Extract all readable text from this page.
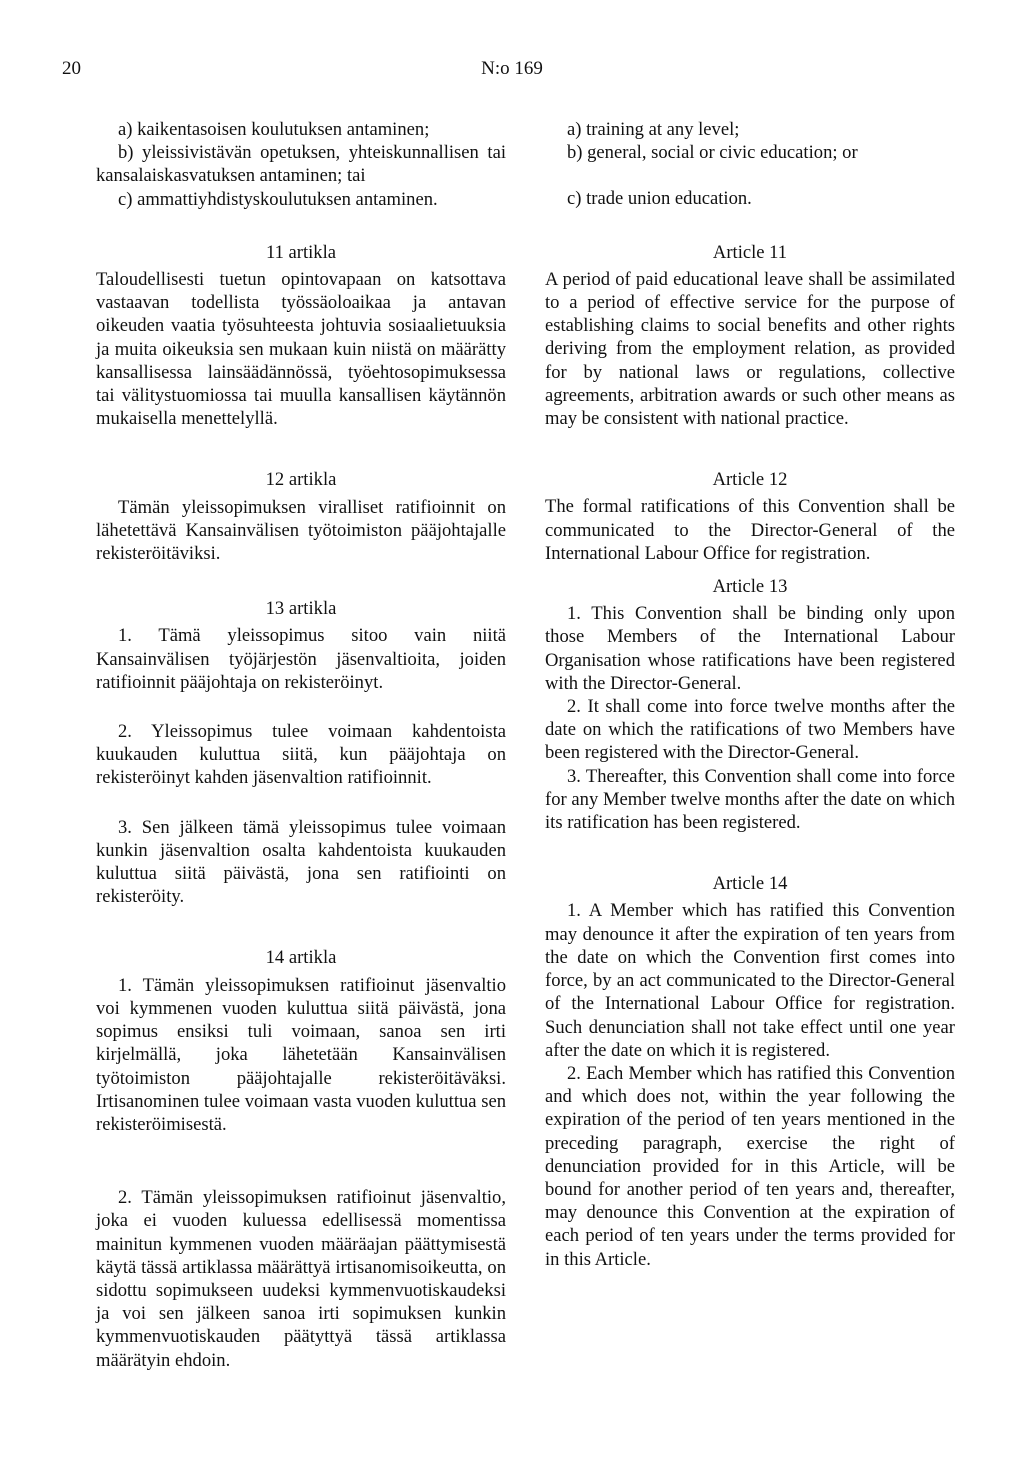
20	N:o 169

a) kaikentasoisen koulutuksen antaminen;

b) yleissivistävän opetuksen, yhteiskunnallisen tai kansalaiskasvatuksen antaminen; tai

c) ammattiyhdistyskoulutuksen antaminen.

11 artikla

Taloudellisesti tuetun opintovapaan on katsottava vastaavan todellista työssäoloaikaa ja antavan oikeuden vaatia työsuhteesta johtuvia sosiaalietuuksia ja muita oikeuksia sen mukaan kuin niistä on määrätty kansallisessa lainsäädännössä, työehtosopimuksessa tai välitystuomiossa tai muulla kansallisen käytännön mukaisella menettelyllä.

12 artikla

Tämän yleissopimuksen viralliset ratifioinnit on lähetettävä Kansainvälisen työtoimiston pääjohtajalle rekisteröitäviksi.

13 artikla

1. Tämä yleissopimus sitoo vain niitä Kansainvälisen työjärjestön jäsenvaltioita, joiden ratifioinnit pääjohtaja on rekisteröinyt.

2. Yleissopimus tulee voimaan kahdentoista kuukauden kuluttua siitä, kun pääjohtaja on rekisteröinyt kahden jäsenvaltion ratifioinnit.

3. Sen jälkeen tämä yleissopimus tulee voimaan kunkin jäsenvaltion osalta kahdentoista kuukauden kuluttua siitä päivästä, jona sen ratifiointi on rekisteröity.

14 artikla

1. Tämän yleissopimuksen ratifioinut jäsenvaltio voi kymmenen vuoden kuluttua siitä päivästä, jona sopimus ensiksi tuli voimaan, sanoa sen irti kirjelmällä, joka lähetetään Kansainvälisen työtoimiston pääjohtajalle rekisteröitäväksi. Irtisanominen tulee voimaan vasta vuoden kuluttua sen rekisteröimisestä.

2. Tämän yleissopimuksen ratifioinut jäsenvaltio, joka ei vuoden kuluessa edellisessä momentissa mainitun kymmenen vuoden määräajan päättymisestä käytä tässä artiklassa määrättyä irtisanomisoikeutta, on sidottu sopimukseen uudeksi kymmenvuotiskaudeksi ja voi sen jälkeen sanoa irti sopimuksen kunkin kymmenvuotiskauden päätyttyä tässä artiklassa määrätyin ehdoin.

a) training at any level;

b) general, social or civic education; or

c) trade union education.

Article 11

A period of paid educational leave shall be assimilated to a period of effective service for the purpose of establishing claims to social benefits and other rights deriving from the employment relation, as provided for by national laws or regulations, collective agreements, arbitration awards or such other means as may be consistent with national practice.

Article 12

The formal ratifications of this Convention shall be communicated to the Director-General of the International Labour Office for registration.

Article 13

1. This Convention shall be binding only upon those Members of the International Labour Organisation whose ratifications have been registered with the Director-General.

2. It shall come into force twelve months after the date on which the ratifications of two Members have been registered with the Director-General.

3. Thereafter, this Convention shall come into force for any Member twelve months after the date on which its ratification has been registered.

Article 14

1. A Member which has ratified this Convention may denounce it after the expiration of ten years from the date on which the Convention first comes into force, by an act communicated to the Director-General of the International Labour Office for registration. Such denunciation shall not take effect until one year after the date on which it is registered.

2. Each Member which has ratified this Convention and which does not, within the year following the expiration of the period of ten years mentioned in the preceding paragraph, exercise the right of denunciation provided for in this Article, will be bound for another period of ten years and, thereafter, may denounce this Convention at the expiration of each period of ten years under the terms provided for in this Article.
